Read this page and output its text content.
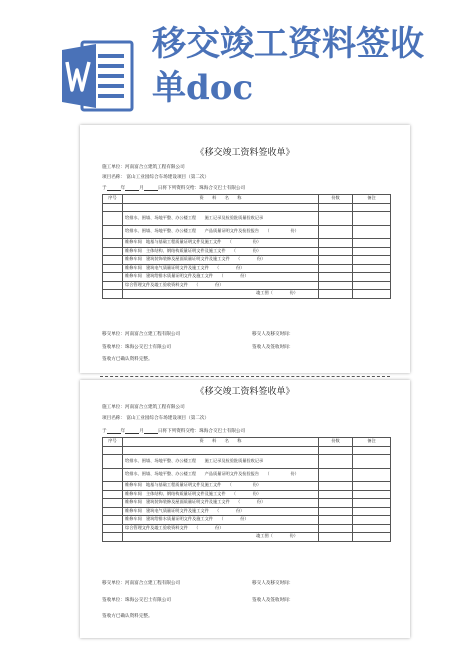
移交竣工资料签收
单doc
《移交竣工资料签收单》
施工单位：河南富合立建筑工程有限公司
项目名称： 富山工业园综合车场建设项目（第二次）
于	年	月	日将下列资料交给：珠海合交巴士有限公司
序号	资　　料　　名　　称	份数	备注

	给排水、围墙、场地平整、办公楼工程　　施工记录及检验批质量验收记录		
	给排水、围墙、场地平整、办公楼工程　　产品质量证明文件及检验报告　　（　　　　　份）		
	维修车间　地基与基础工程质量证明文件及施工文件　　（　　　　　份）		
	维修车间　主体结构、钢结构质量证明文件及施工文件　　（　　　　份）		
	维修车间　建筑装饰装修及屋面质量证明文件及施工文件　　（　　　　份）		
	维修车间　建筑电气质量证明文件及施工文件　　（　　　　份）		
	维修车间　建筑给排水质量证明文件及施工文件　　（　　　　份）		
	综合管理文件及竣工验收资料文件　　（　　　　份）		
	竣工图（　　　　份）		
移交单位：河南富合立建工程有限公司	移交人及移交时间：
签收单位：珠海公交巴士有限公司	签收人及签收时间：
签收方已确认资料完整。
《移交竣工资料签收单》
施工单位：河南富合立建筑工程有限公司
项目名称： 富山工业园综合车场建设项目（第二次）
于	年	月	日将下列资料交给：珠海合交巴士有限公司
序号	资　　料　　名　　称	份数	备注

	给排水、围墙、场地平整、办公楼工程　　施工记录及检验批质量验收记录		
	给排水、围墙、场地平整、办公楼工程　　产品质量证明文件及检验报告　　（　　　　　份）		
	维修车间　地基与基础工程质量证明文件及施工文件　　（　　　　　份）		
	维修车间　主体结构、钢结构质量证明文件及施工文件　　（　　　　份）		
	维修车间　建筑装饰装修及屋面质量证明文件及施工文件　　（　　　　份）		
	维修车间　建筑电气质量证明文件及施工文件　　（　　　　份）		
	维修车间　建筑给排水质量证明文件及施工文件　　（　　　　份）		
	综合管理文件及竣工验收资料文件　　（　　　　份）		
	竣工图（　　　　份）		
移交单位：河南富合立建工程有限公司	移交人及移交时间：
签收单位：珠海公交巴士有限公司	签收人及签收时间：
签收方已确认资料完整。
